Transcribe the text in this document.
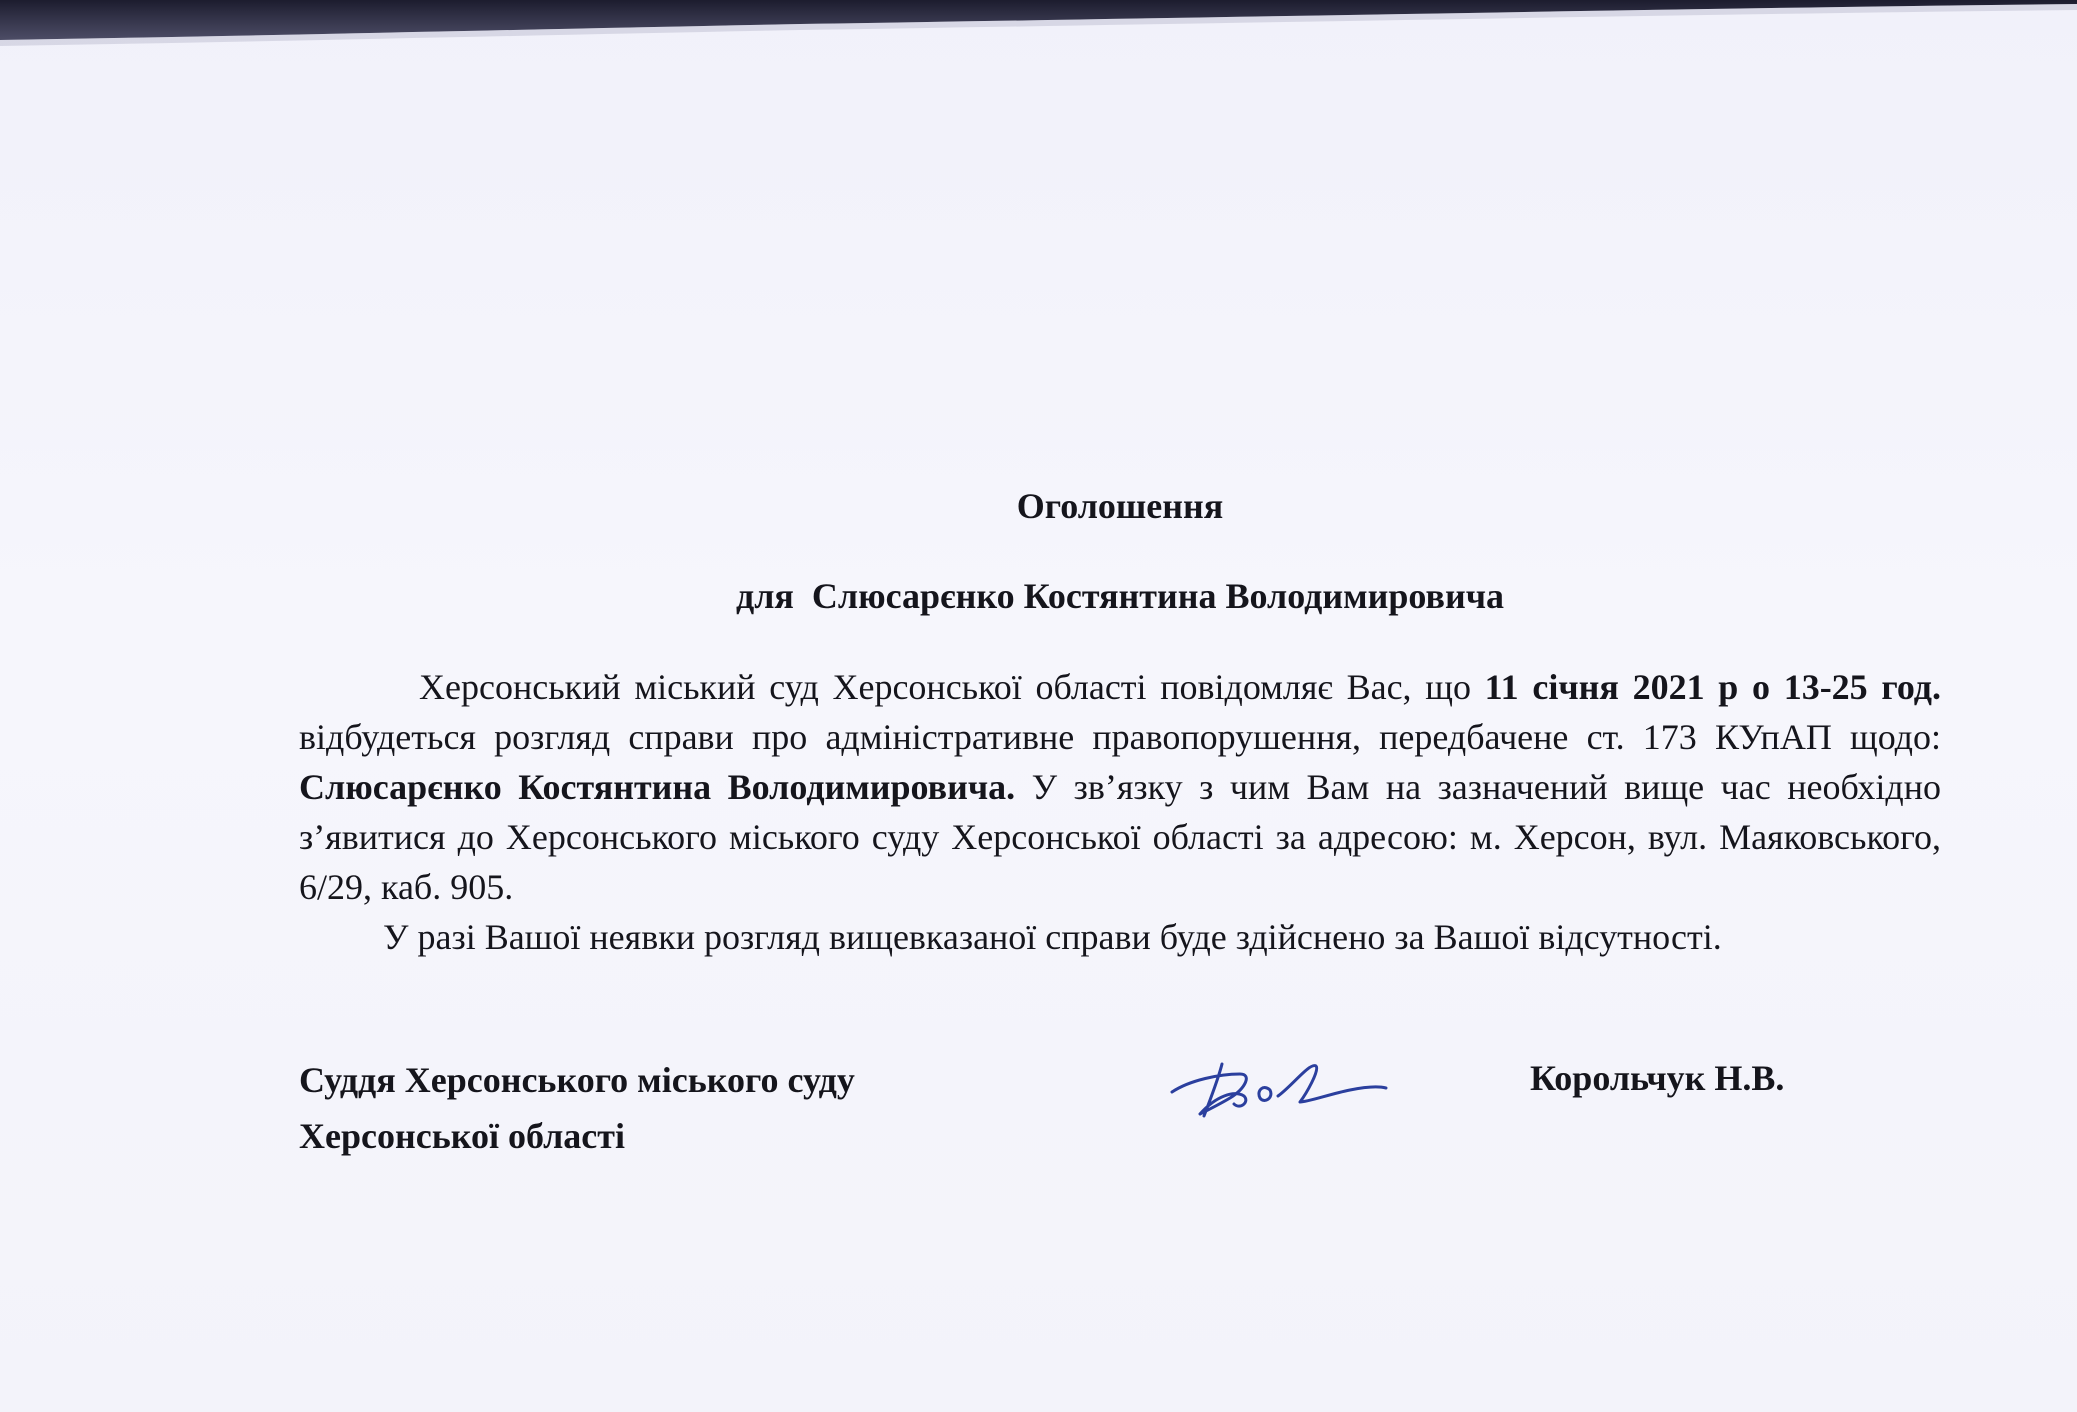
Оголошення
для  Слюсарєнко Костянтина Володимировича

Херсонський міський суд Херсонської області повідомляє Вас, що 11 січня 2021 р о 13-25 год. відбудеться розгляд справи про адміністративне правопорушення, передбачене ст. 173 КУпАП щодо: Слюсарєнко Костянтина Володимировича. У зв’язку з чим Вам на зазначений вище час необхідно з’явитися до Херсонського міського суду Херсонської області за адресою: м. Херсон, вул. Маяковського, 6/29, каб. 905.

У разі Вашої неявки розгляд вищевказаної справи буде здійснено за Вашої відсутності.

Суддя Херсонського міського суду
Херсонської області
Корольчук Н.В.
